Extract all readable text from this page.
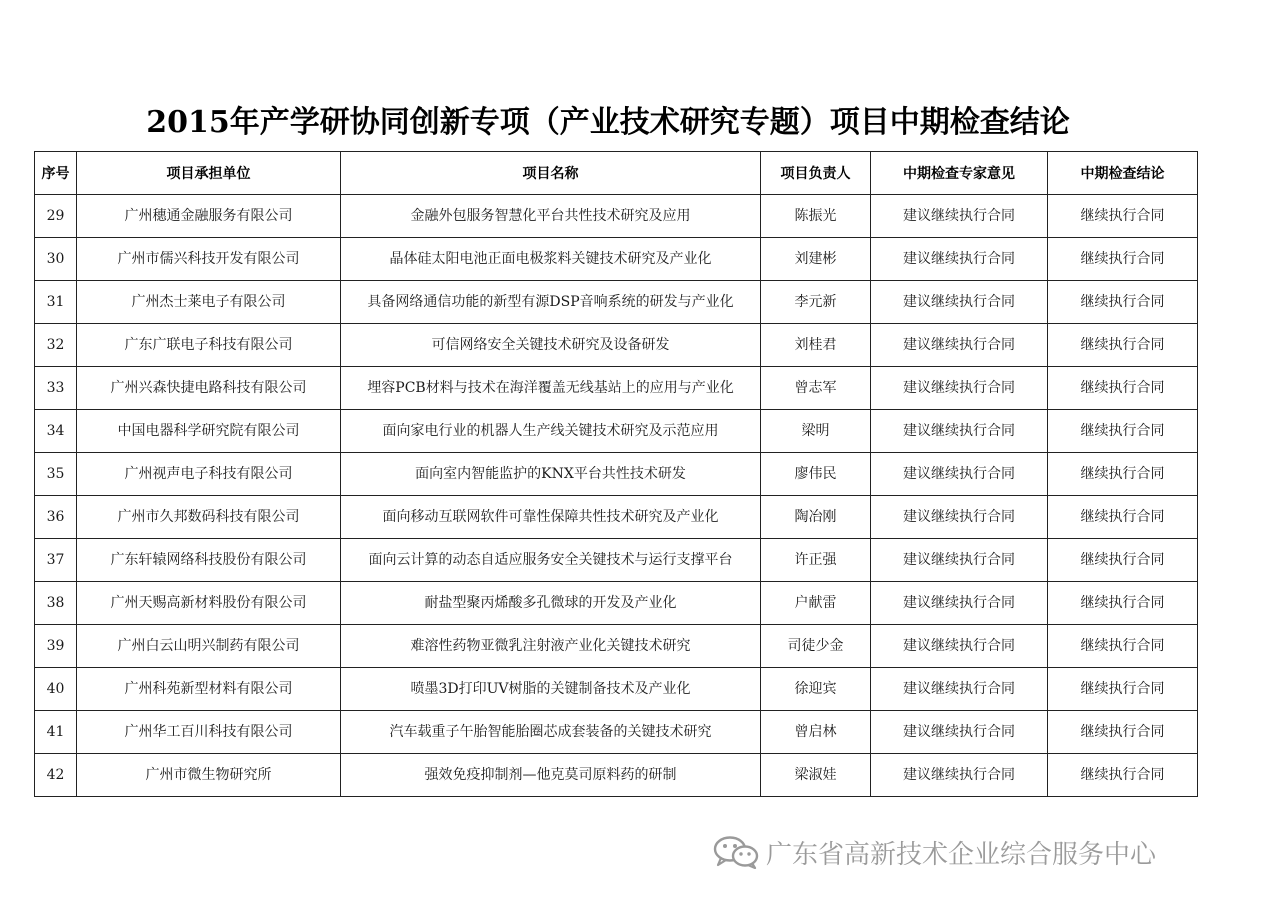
2015年产学研协同创新专项（产业技术研究专题）项目中期检查结论
序号	项目承担单位	项目名称	项目负责人	中期检查专家意见	中期检查结论
29	广州穗通金融服务有限公司	金融外包服务智慧化平台共性技术研究及应用	陈振光	建议继续执行合同	继续执行合同
30	广州市儒兴科技开发有限公司	晶体硅太阳电池正面电极浆料关键技术研究及产业化	刘建彬	建议继续执行合同	继续执行合同
31	广州杰士莱电子有限公司	具备网络通信功能的新型有源DSP音响系统的研发与产业化	李元新	建议继续执行合同	继续执行合同
32	广东广联电子科技有限公司	可信网络安全关键技术研究及设备研发	刘桂君	建议继续执行合同	继续执行合同
33	广州兴森快捷电路科技有限公司	埋容PCB材料与技术在海洋覆盖无线基站上的应用与产业化	曾志军	建议继续执行合同	继续执行合同
34	中国电器科学研究院有限公司	面向家电行业的机器人生产线关键技术研究及示范应用	梁明	建议继续执行合同	继续执行合同
35	广州视声电子科技有限公司	面向室内智能监护的KNX平台共性技术研发	廖伟民	建议继续执行合同	继续执行合同
36	广州市久邦数码科技有限公司	面向移动互联网软件可靠性保障共性技术研究及产业化	陶冶刚	建议继续执行合同	继续执行合同
37	广东轩辕网络科技股份有限公司	面向云计算的动态自适应服务安全关键技术与运行支撑平台	许正强	建议继续执行合同	继续执行合同
38	广州天赐高新材料股份有限公司	耐盐型聚丙烯酸多孔微球的开发及产业化	户献雷	建议继续执行合同	继续执行合同
39	广州白云山明兴制药有限公司	难溶性药物亚微乳注射液产业化关键技术研究	司徒少金	建议继续执行合同	继续执行合同
40	广州科苑新型材料有限公司	喷墨3D打印UV树脂的关键制备技术及产业化	徐迎宾	建议继续执行合同	继续执行合同
41	广州华工百川科技有限公司	汽车载重子午胎智能胎圈芯成套装备的关键技术研究	曾启林	建议继续执行合同	继续执行合同
42	广州市微生物研究所	强效免疫抑制剂—他克莫司原料药的研制	梁淑娃	建议继续执行合同	继续执行合同
广东省高新技术企业综合服务中心
